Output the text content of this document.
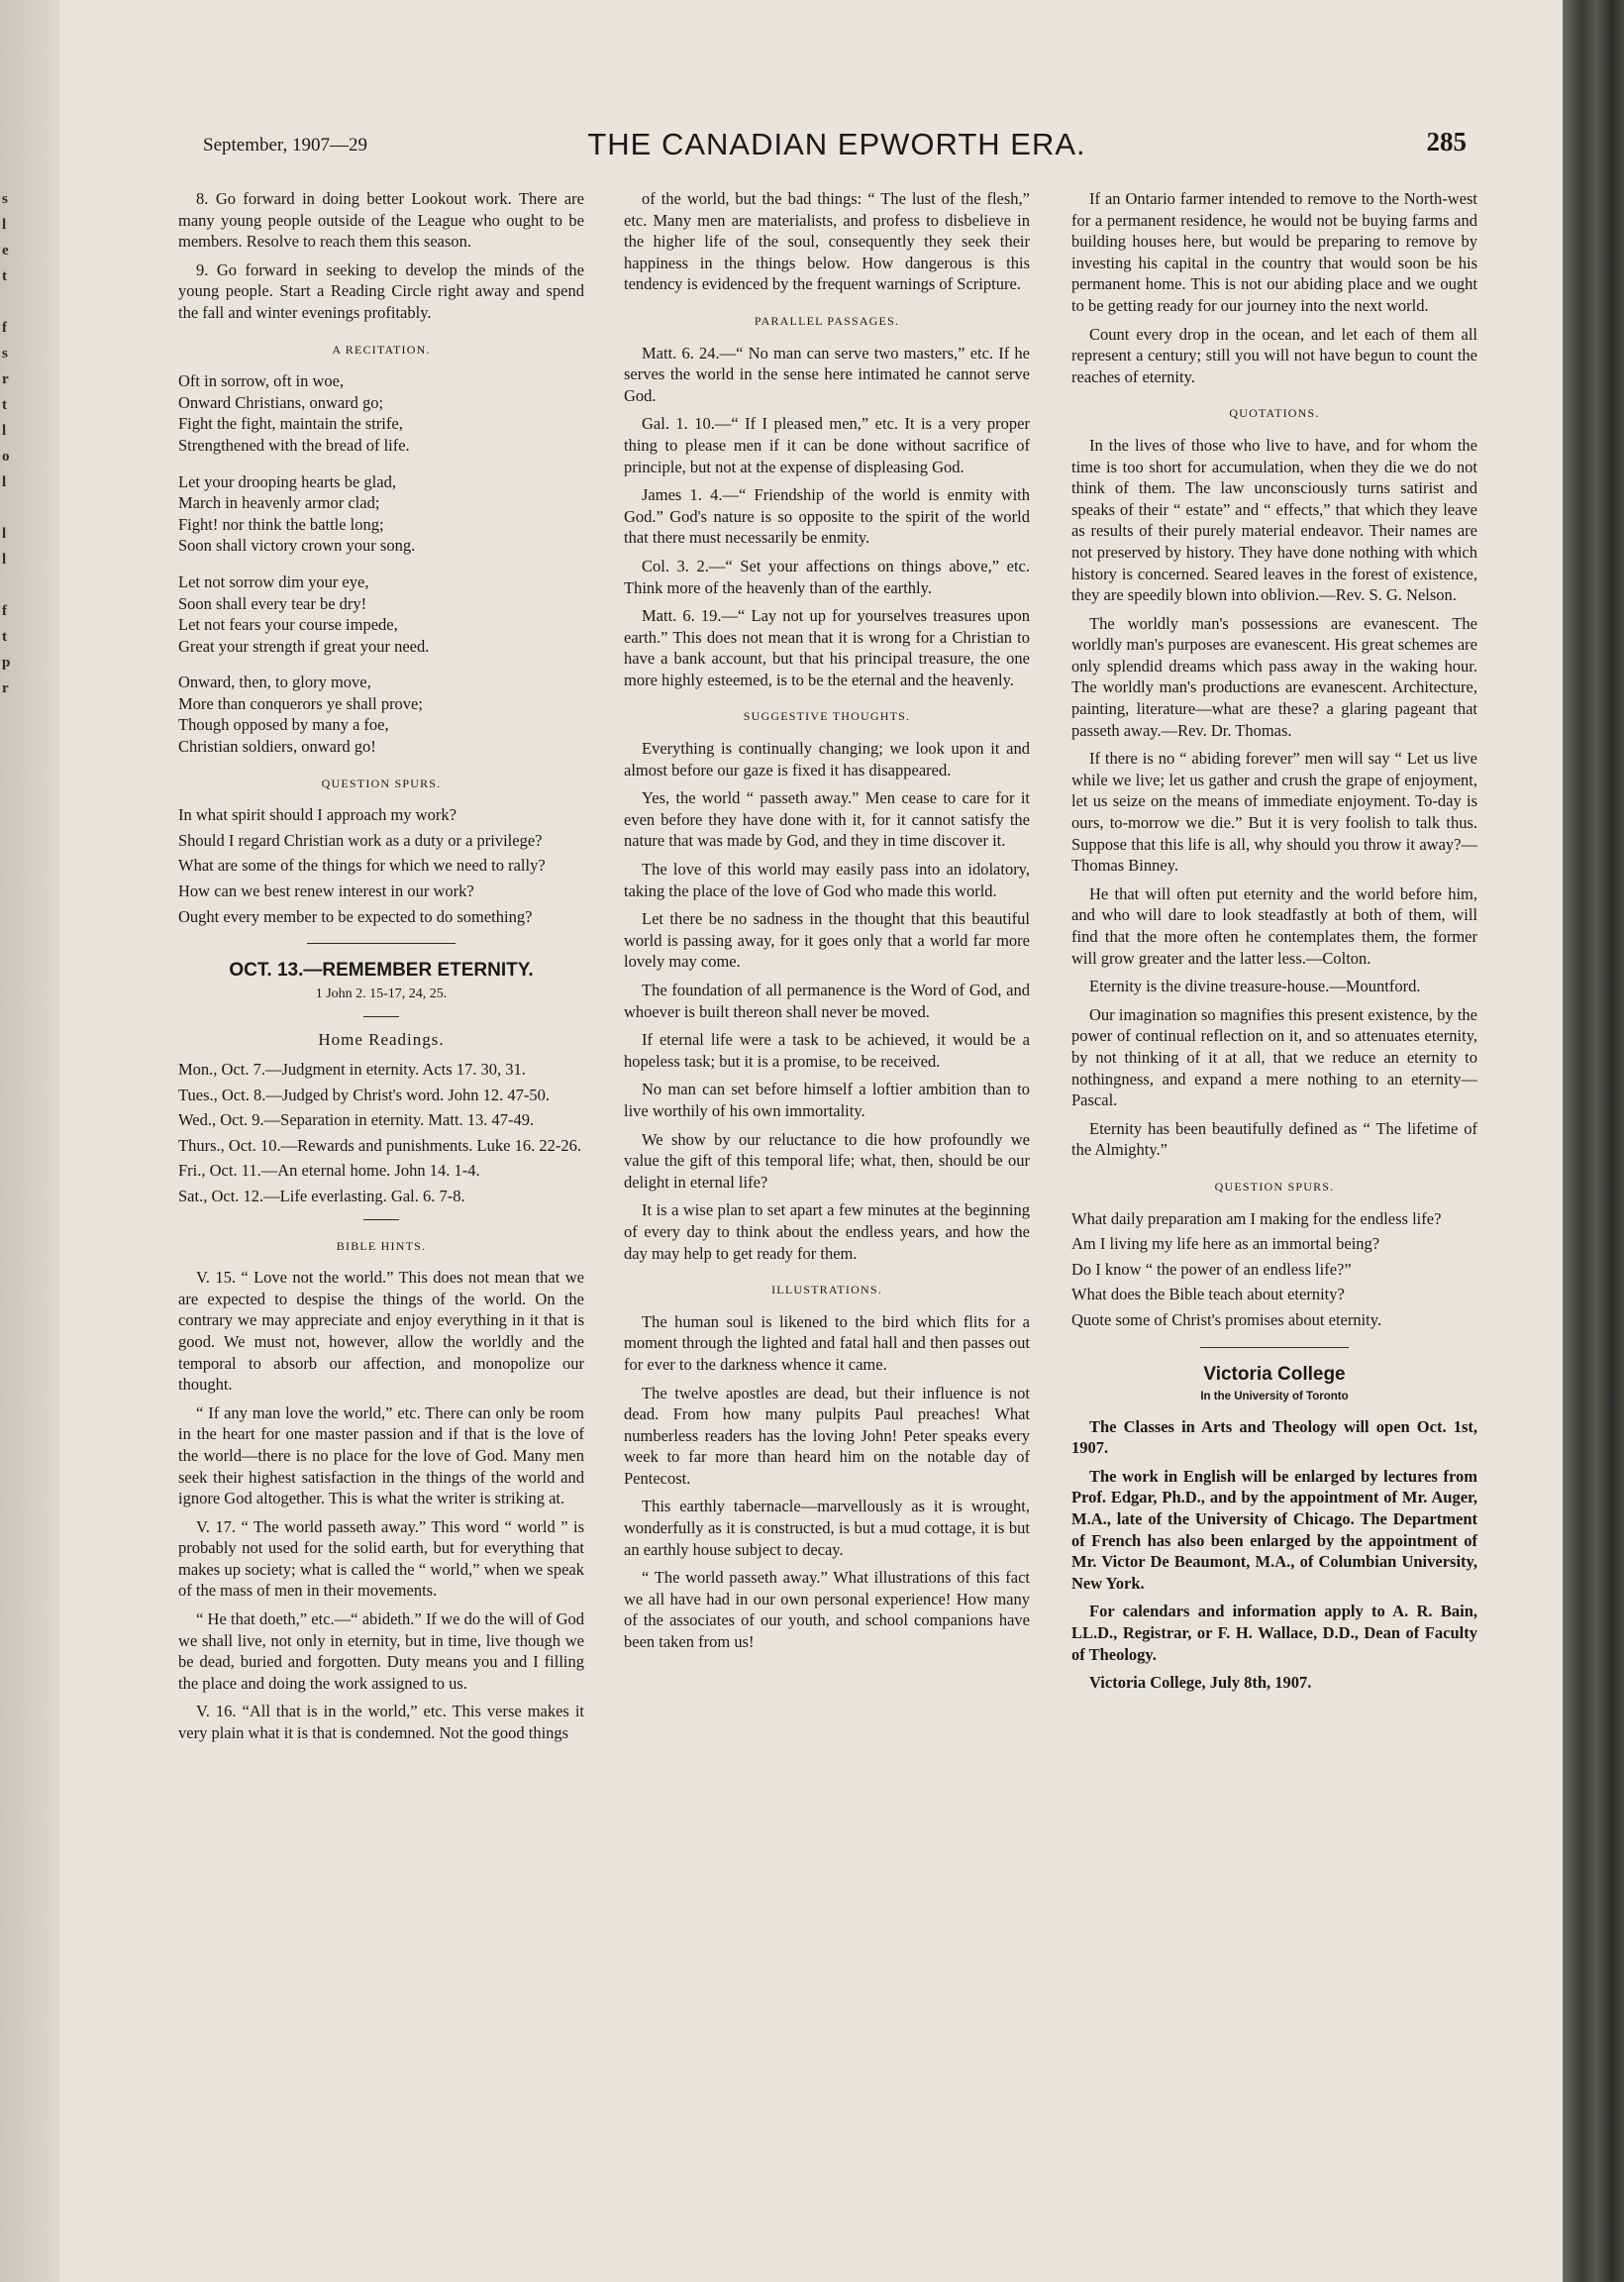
s
l
e
t

f
s
r
t
l
o
l

l
l

f
t
p
r
September, 1907—29	THE CANADIAN EPWORTH ERA.	285

8. Go forward in doing better Lookout work. There are many young people outside of the League who ought to be members. Resolve to reach them this season.

9. Go forward in seeking to develop the minds of the young people. Start a Reading Circle right away and spend the fall and winter evenings profitably.

A RECITATION.
Oft in sorrow, oft in woe,
Onward Christians, onward go;
Fight the fight, maintain the strife,
Strengthened with the bread of life.
Let your drooping hearts be glad,
March in heavenly armor clad;
Fight! nor think the battle long;
Soon shall victory crown your song.
Let not sorrow dim your eye,
Soon shall every tear be dry!
Let not fears your course impede,
Great your strength if great your need.
Onward, then, to glory move,
More than conquerors ye shall prove;
Though opposed by many a foe,
Christian soldiers, onward go!
QUESTION SPURS.

In what spirit should I approach my work?

Should I regard Christian work as a duty or a privilege?

What are some of the things for which we need to rally?

How can we best renew interest in our work?

Ought every member to be expected to do something?

OCT. 13.—REMEMBER ETERNITY.
1 John 2. 15-17, 24, 25.
Home Readings.

Mon., Oct. 7.—Judgment in eternity. Acts 17. 30, 31.

Tues., Oct. 8.—Judged by Christ's word. John 12. 47-50.

Wed., Oct. 9.—Separation in eternity. Matt. 13. 47-49.

Thurs., Oct. 10.—Rewards and punishments. Luke 16. 22-26.

Fri., Oct. 11.—An eternal home. John 14. 1-4.

Sat., Oct. 12.—Life everlasting. Gal. 6. 7-8.

BIBLE HINTS.

V. 15. “ Love not the world.” This does not mean that we are expected to despise the things of the world. On the contrary we may appreciate and enjoy everything in it that is good. We must not, however, allow the worldly and the temporal to absorb our affection, and monopolize our thought.

“ If any man love the world,” etc. There can only be room in the heart for one master passion and if that is the love of the world—there is no place for the love of God. Many men seek their highest satisfaction in the things of the world and ignore God altogether. This is what the writer is striking at.

V. 17. “ The world passeth away.” This word “ world ” is probably not used for the solid earth, but for everything that makes up society; what is called the “ world,” when we speak of the mass of men in their movements.

“ He that doeth,” etc.—“ abideth.” If we do the will of God we shall live, not only in eternity, but in time, live though we be dead, buried and forgotten. Duty means you and I filling the place and doing the work assigned to us.

V. 16. “All that is in the world,” etc. This verse makes it very plain what it is that is condemned. Not the good things

of the world, but the bad things: “ The lust of the flesh,” etc. Many men are materialists, and profess to disbelieve in the higher life of the soul, consequently they seek their happiness in the things below. How dangerous is this tendency is evidenced by the frequent warnings of Scripture.

PARALLEL PASSAGES.

Matt. 6. 24.—“ No man can serve two masters,” etc. If he serves the world in the sense here intimated he cannot serve God.

Gal. 1. 10.—“ If I pleased men,” etc. It is a very proper thing to please men if it can be done without sacrifice of principle, but not at the expense of displeasing God.

James 1. 4.—“ Friendship of the world is enmity with God.” God's nature is so opposite to the spirit of the world that there must necessarily be enmity.

Col. 3. 2.—“ Set your affections on things above,” etc. Think more of the heavenly than of the earthly.

Matt. 6. 19.—“ Lay not up for yourselves treasures upon earth.” This does not mean that it is wrong for a Christian to have a bank account, but that his principal treasure, the one more highly esteemed, is to be the eternal and the heavenly.

SUGGESTIVE THOUGHTS.

Everything is continually changing; we look upon it and almost before our gaze is fixed it has disappeared.

Yes, the world “ passeth away.” Men cease to care for it even before they have done with it, for it cannot satisfy the nature that was made by God, and they in time discover it.

The love of this world may easily pass into an idolatory, taking the place of the love of God who made this world.

Let there be no sadness in the thought that this beautiful world is passing away, for it goes only that a world far more lovely may come.

The foundation of all permanence is the Word of God, and whoever is built thereon shall never be moved.

If eternal life were a task to be achieved, it would be a hopeless task; but it is a promise, to be received.

No man can set before himself a loftier ambition than to live worthily of his own immortality.

We show by our reluctance to die how profoundly we value the gift of this temporal life; what, then, should be our delight in eternal life?

It is a wise plan to set apart a few minutes at the beginning of every day to think about the endless years, and how the day may help to get ready for them.

ILLUSTRATIONS.

The human soul is likened to the bird which flits for a moment through the lighted and fatal hall and then passes out for ever to the darkness whence it came.

The twelve apostles are dead, but their influence is not dead. From how many pulpits Paul preaches! What numberless readers has the loving John! Peter speaks every week to far more than heard him on the notable day of Pentecost.

This earthly tabernacle—marvellously as it is wrought, wonderfully as it is constructed, is but a mud cottage, it is but an earthly house subject to decay.

“ The world passeth away.” What illustrations of this fact we all have had in our own personal experience! How many of the associates of our youth, and school companions have been taken from us!

If an Ontario farmer intended to remove to the North-west for a permanent residence, he would not be buying farms and building houses here, but would be preparing to remove by investing his capital in the country that would soon be his permanent home. This is not our abiding place and we ought to be getting ready for our journey into the next world.

Count every drop in the ocean, and let each of them all represent a century; still you will not have begun to count the reaches of eternity.

QUOTATIONS.

In the lives of those who live to have, and for whom the time is too short for accumulation, when they die we do not think of them. The law unconsciously turns satirist and speaks of their “ estate” and “ effects,” that which they leave as results of their purely material endeavor. Their names are not preserved by history. They have done nothing with which history is concerned. Seared leaves in the forest of existence, they are speedily blown into oblivion.—Rev. S. G. Nelson.

The worldly man's possessions are evanescent. The worldly man's purposes are evanescent. His great schemes are only splendid dreams which pass away in the waking hour. The worldly man's productions are evanescent. Architecture, painting, literature—what are these? a glaring pageant that passeth away.—Rev. Dr. Thomas.

If there is no “ abiding forever” men will say “ Let us live while we live; let us gather and crush the grape of enjoyment, let us seize on the means of immediate enjoyment. To-day is ours, to-morrow we die.” But it is very foolish to talk thus. Suppose that this life is all, why should you throw it away?—Thomas Binney.

He that will often put eternity and the world before him, and who will dare to look steadfastly at both of them, will find that the more often he contemplates them, the former will grow greater and the latter less.—Colton.

Eternity is the divine treasure-house.—Mountford.

Our imagination so magnifies this present existence, by the power of continual reflection on it, and so attenuates eternity, by not thinking of it at all, that we reduce an eternity to nothingness, and expand a mere nothing to an eternity—Pascal.

Eternity has been beautifully defined as “ The lifetime of the Almighty.”

QUESTION SPURS.

What daily preparation am I making for the endless life?

Am I living my life here as an immortal being?

Do I know “ the power of an endless life?”

What does the Bible teach about eternity?

Quote some of Christ's promises about eternity.

Victoria College
In the University of Toronto

The Classes in Arts and Theology will open Oct. 1st, 1907.

The work in English will be enlarged by lectures from Prof. Edgar, Ph.D., and by the appointment of Mr. Auger, M.A., late of the University of Chicago. The Department of French has also been enlarged by the appointment of Mr. Victor De Beaumont, M.A., of Columbian University, New York.

For calendars and information apply to A. R. Bain, LL.D., Registrar, or F. H. Wallace, D.D., Dean of Faculty of Theology.

Victoria College, July 8th, 1907.
